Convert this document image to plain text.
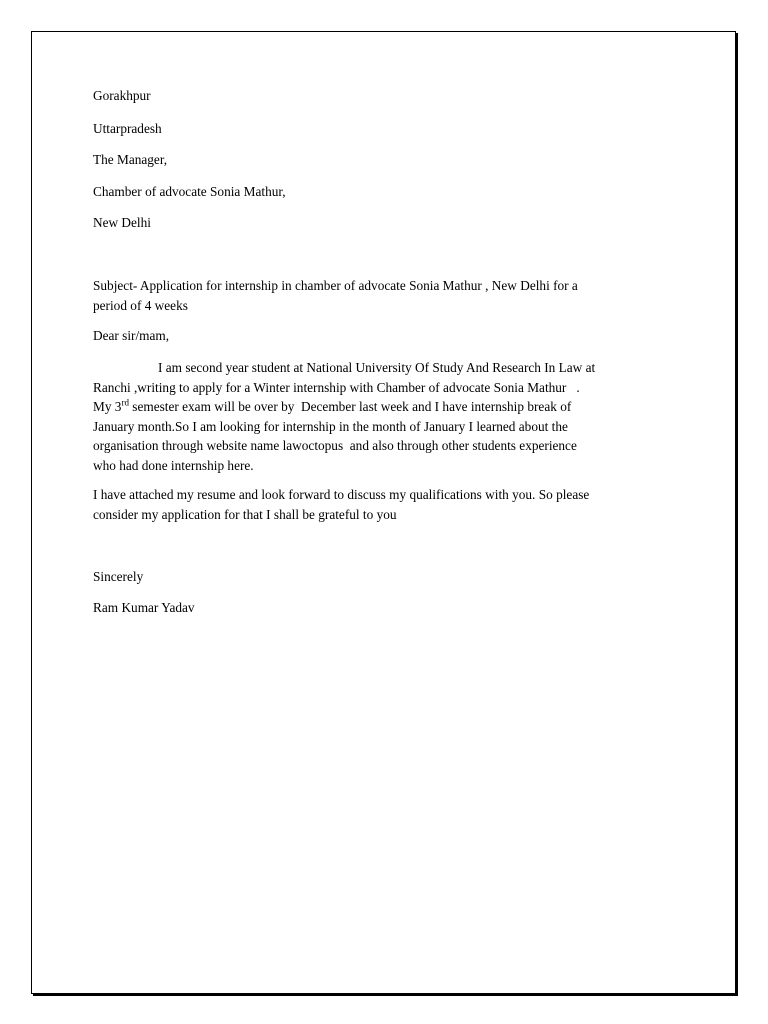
Gorakhpur
Uttarpradesh
The Manager,
Chamber of advocate Sonia Mathur,
New Delhi
Subject- Application for internship in chamber of advocate Sonia Mathur , New Delhi for a
period of 4 weeks
Dear sir/mam,
I am second year student at National University Of Study And Research In Law at
Ranchi ,writing to apply for a Winter internship with Chamber of advocate Sonia Mathur   .
My 3rd semester exam will be over by  December last week and I have internship break of
January month.So I am looking for internship in the month of January I learned about the
organisation through website name lawoctopus  and also through other students experience
who had done internship here.
I have attached my resume and look forward to discuss my qualifications with you. So please
consider my application for that I shall be grateful to you
Sincerely
Ram Kumar Yadav
